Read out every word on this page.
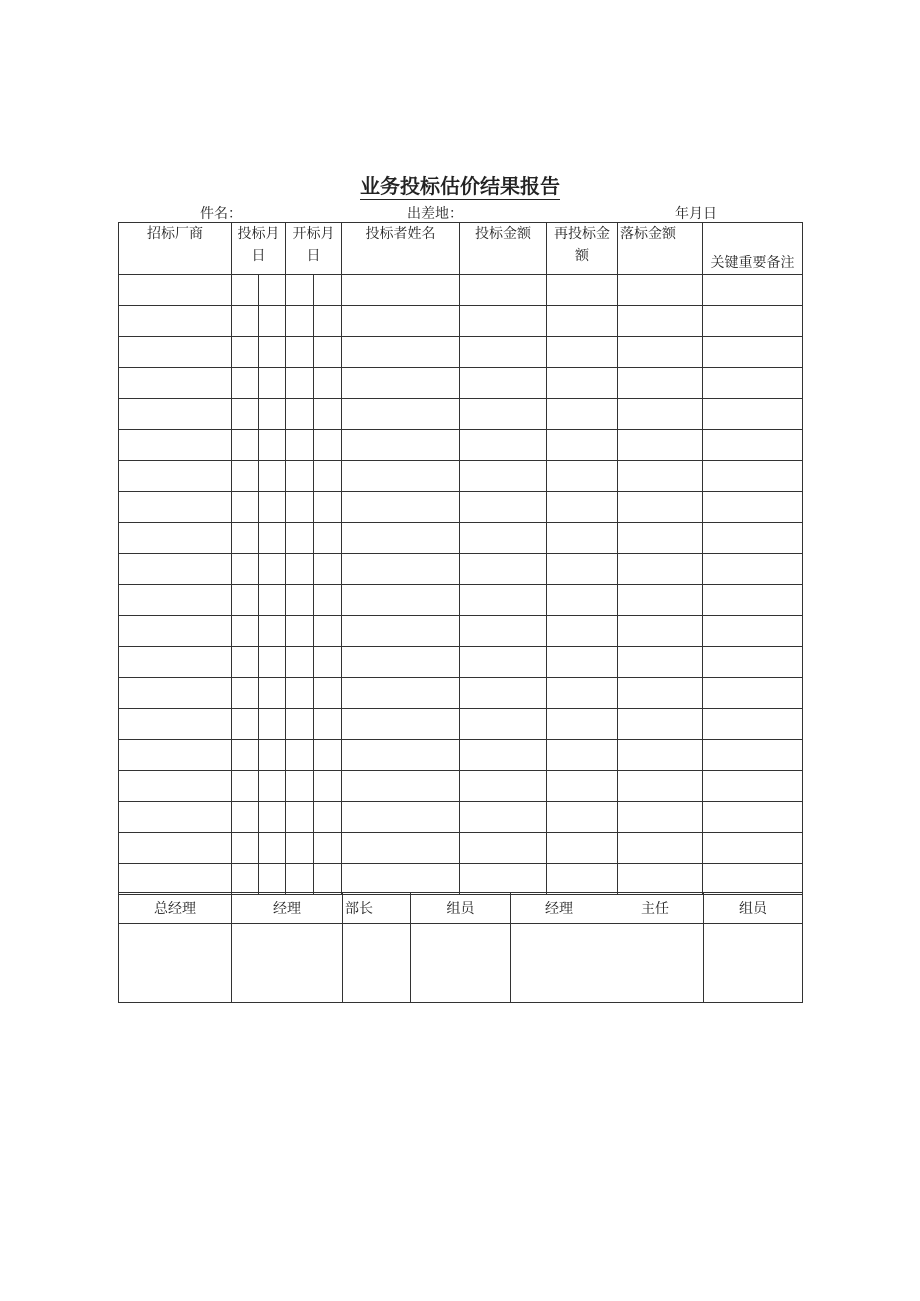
业务投标估价结果报告
件名：	出差地：	年月日
招标厂商	投标月日		开标月日		投标者姓名	投标金额	再投标金额	落标金额	关键重要备注

总经理	经理	部长	组员	经理 主任	组员
